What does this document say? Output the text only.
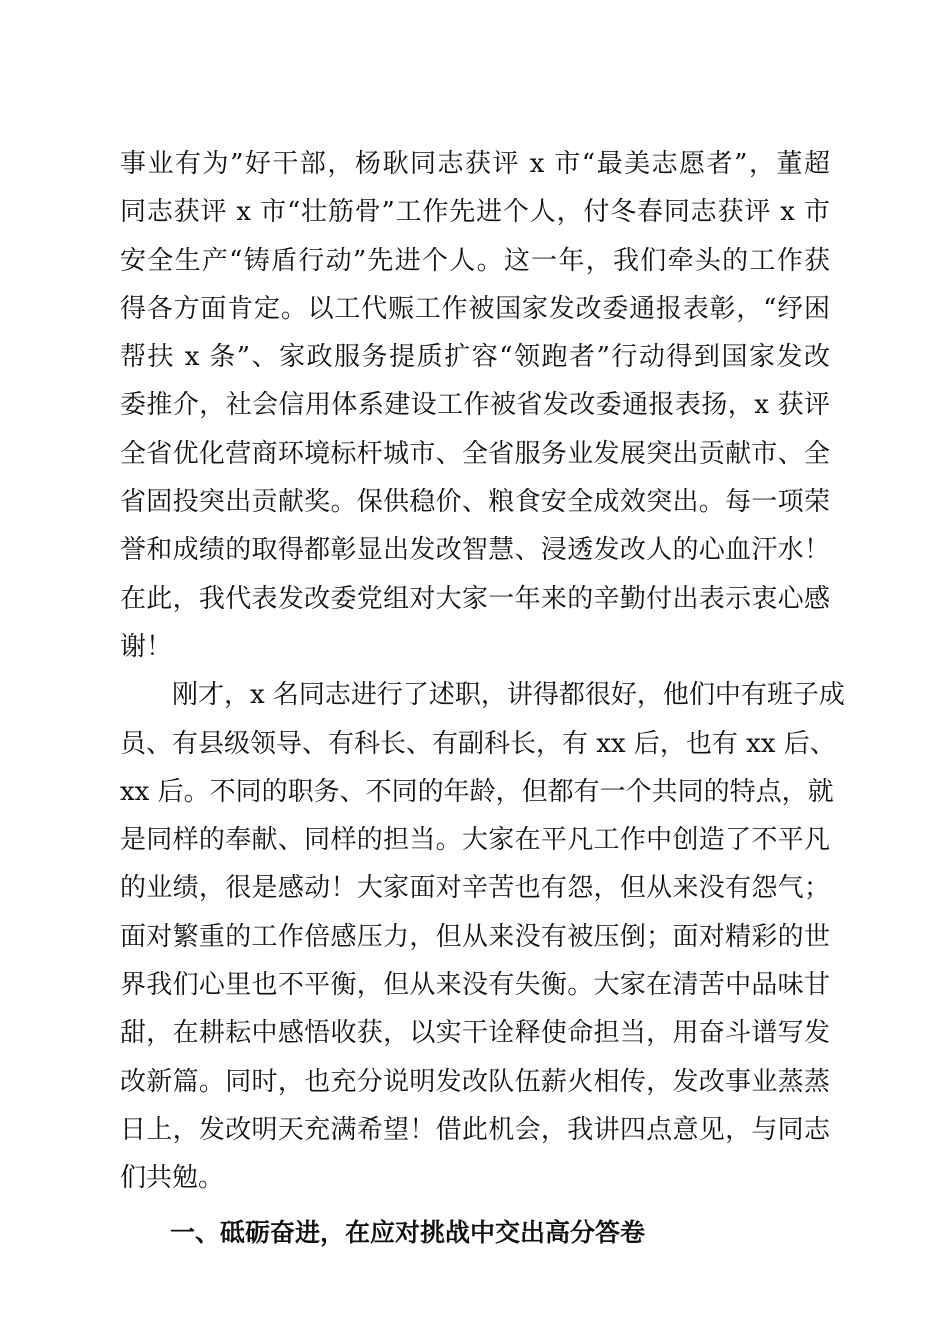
事业有为”好干部，杨耿同志获评 x 市“最美志愿者”，董超
同志获评 x 市“壮筋骨”工作先进个人，付冬春同志获评 x 市
安全生产“铸盾行动”先进个人。这一年，我们牵头的工作获
得各方面肯定。以工代赈工作被国家发改委通报表彰，“纾困
帮扶 x 条”、家政服务提质扩容“领跑者”行动得到国家发改
委推介，社会信用体系建设工作被省发改委通报表扬，x 获评
全省优化营商环境标杆城市、全省服务业发展突出贡献市、全
省固投突出贡献奖。保供稳价、粮食安全成效突出。每一项荣
誉和成绩的取得都彰显出发改智慧、浸透发改人的心血汗水！
在此，我代表发改委党组对大家一年来的辛勤付出表示衷心感
谢！
　　刚才，x 名同志进行了述职，讲得都很好，他们中有班子成
员、有县级领导、有科长、有副科长，有 xx 后，也有 xx 后、
xx 后。不同的职务、不同的年龄，但都有一个共同的特点，就
是同样的奉献、同样的担当。大家在平凡工作中创造了不平凡
的业绩，很是感动！大家面对辛苦也有怨，但从来没有怨气；
面对繁重的工作倍感压力，但从来没有被压倒；面对精彩的世
界我们心里也不平衡，但从来没有失衡。大家在清苦中品味甘
甜，在耕耘中感悟收获，以实干诠释使命担当，用奋斗谱写发
改新篇。同时，也充分说明发改队伍薪火相传，发改事业蒸蒸
日上，发改明天充满希望！借此机会，我讲四点意见，与同志
们共勉。
一、砥砺奋进，在应对挑战中交出高分答卷
